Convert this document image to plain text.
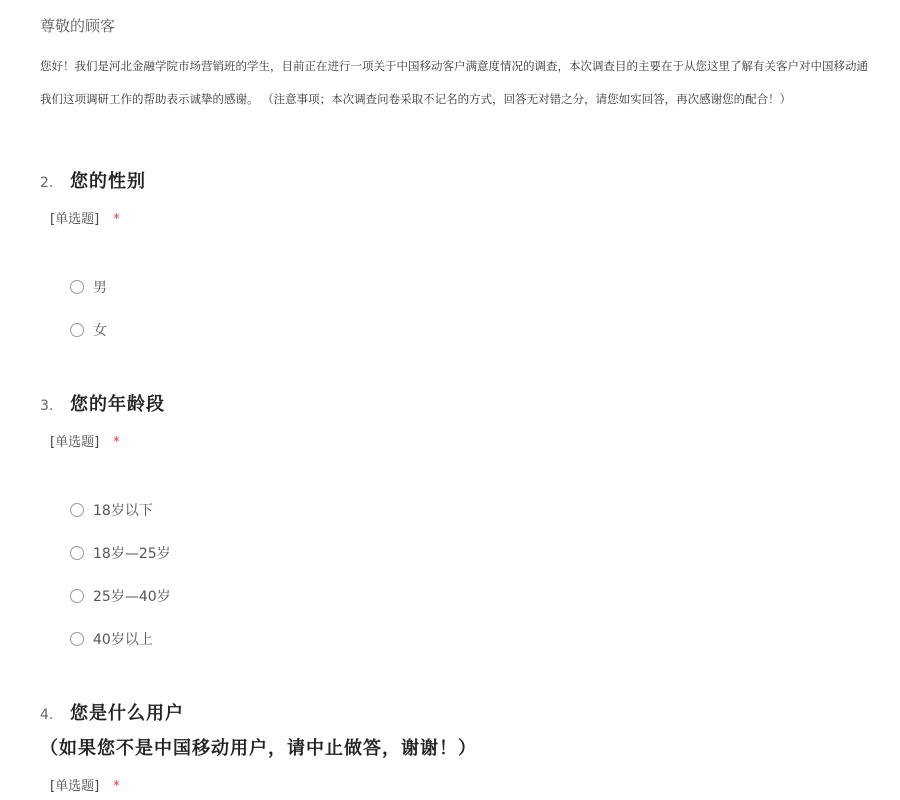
尊敬的顾客

您好！我们是河北金融学院市场营销班的学生，目前正在进行一项关于中国移动客户满意度情况的调查，本次调查目的主要在于从您这里了解有关客户对中国移动通

我们这项调研工作的帮助表示诚挚的感谢。 （注意事项；本次调查问卷采取不记名的方式，回答无对错之分，请您如实回答，再次感谢您的配合！）

2. 您的性别
[单选题] *
男
女
3. 您的年龄段
[单选题] *
18岁以下
18岁—25岁
25岁—40岁
40岁以上
4. 您是什么用户

（如果您不是中国移动用户，请中止做答，谢谢！）

[单选题] *
